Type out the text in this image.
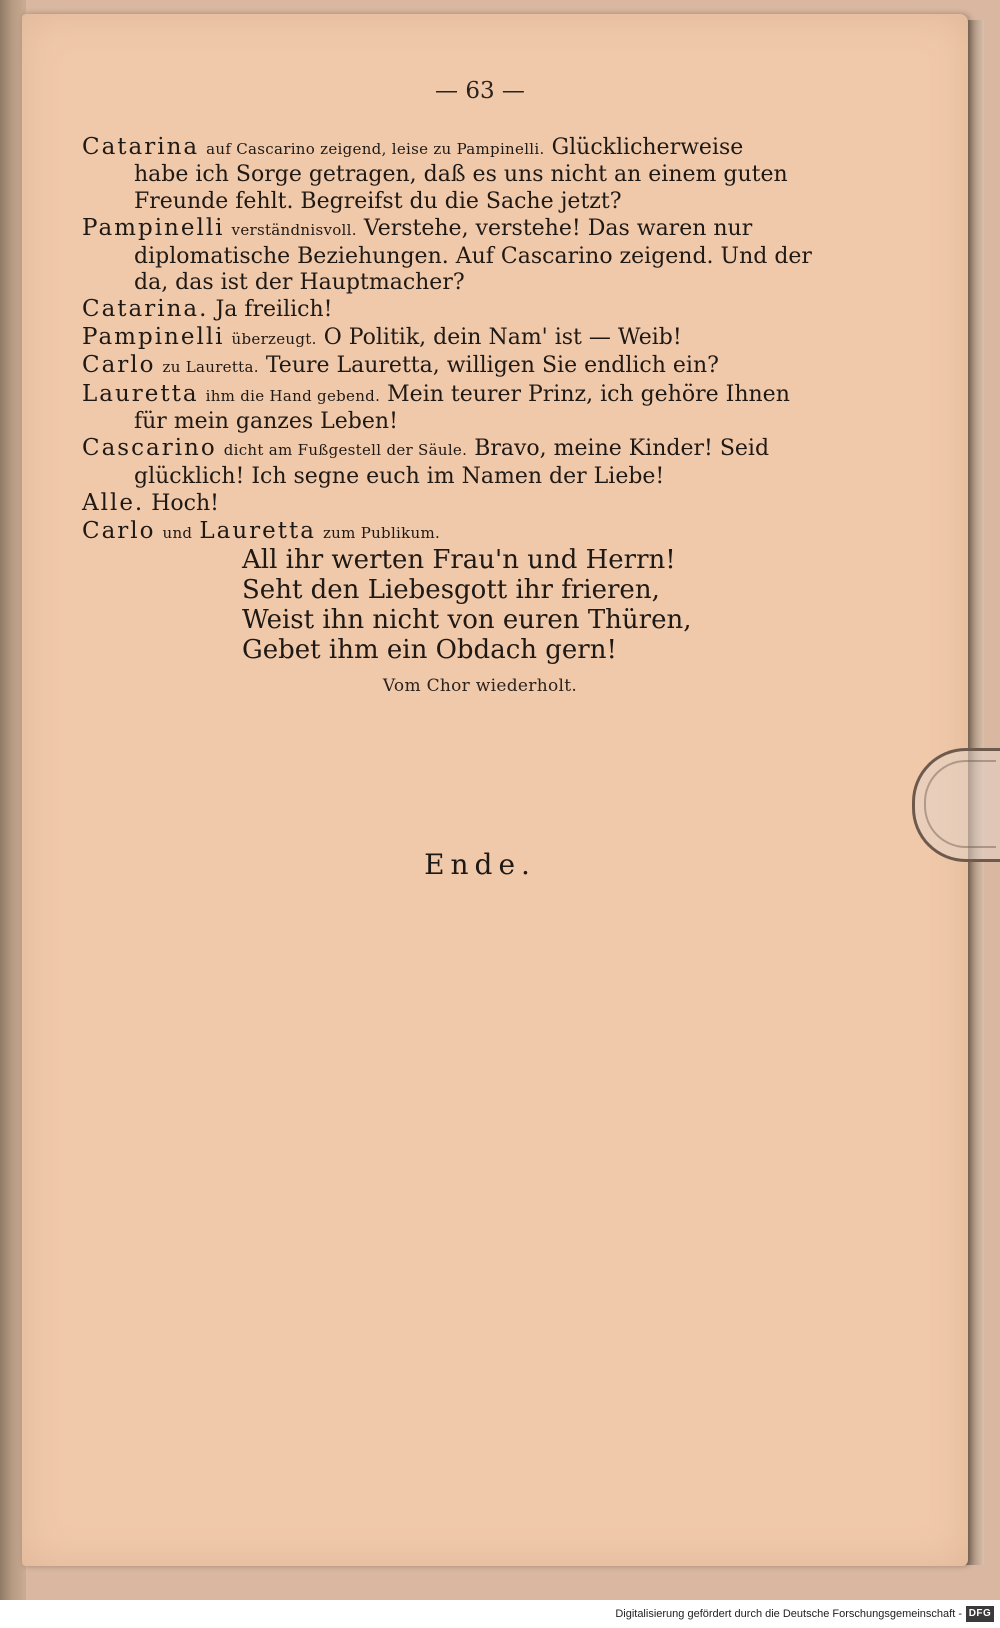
— 63 —

Catarina auf Cascarino zeigend, leise zu Pampinelli. Glücklicherweise
habe ich Sorge getragen, daß es uns nicht an einem guten
Freunde fehlt. Begreifst du die Sache jetzt?

Pampinelli verständnisvoll. Verstehe, verstehe! Das waren nur
diplomatische Beziehungen. Auf Cascarino zeigend. Und der
da, das ist der Hauptmacher?

Catarina. Ja freilich!

Pampinelli überzeugt. O Politik, dein Nam' ist — Weib!

Carlo zu Lauretta. Teure Lauretta, willigen Sie endlich ein?

Lauretta ihm die Hand gebend. Mein teurer Prinz, ich gehöre Ihnen
für mein ganzes Leben!

Cascarino dicht am Fußgestell der Säule. Bravo, meine Kinder! Seid
glücklich! Ich segne euch im Namen der Liebe!

Alle. Hoch!

Carlo und Lauretta zum Publikum.

All ihr werten Frau'n und Herrn!
Seht den Liebesgott ihr frieren,
Weist ihn nicht von euren Thüren,
Gebet ihm ein Obdach gern!
Vom Chor wiederholt.
Ende.
Digitalisierung gefördert durch die Deutsche Forschungsgemeinschaft - DFG
